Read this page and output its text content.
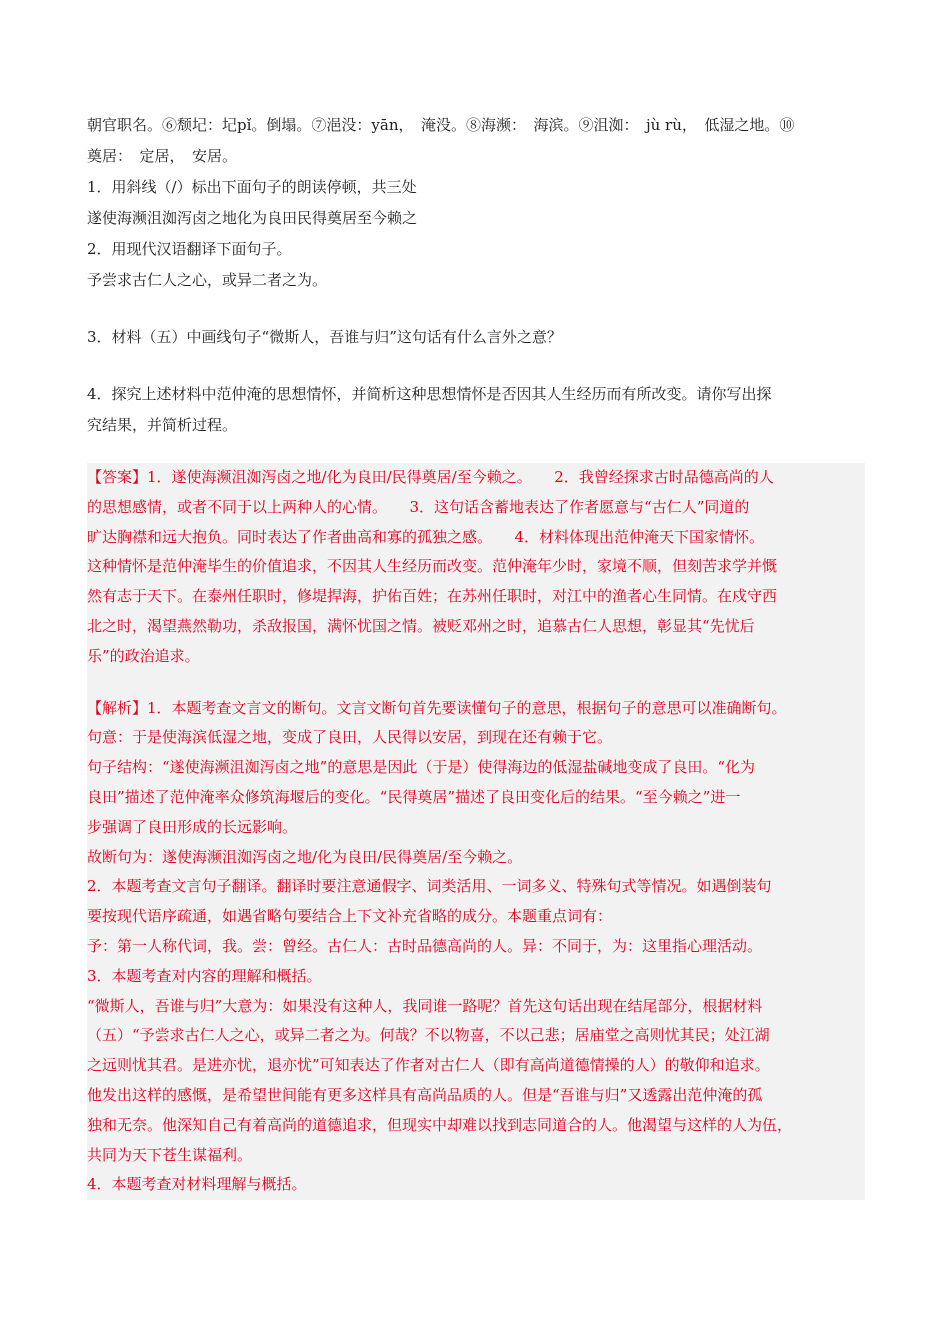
朝官职名。⑥颓圮：圮pǐ。倒塌。⑦浥没：yān，　淹没。⑧海濒：　海滨。⑨沮洳：　jù rù，　低湿之地。⑩
奠居：　定居，　安居。
1．用斜线（/）标出下面句子的朗读停顿，共三处
遂使海濒沮洳泻卤之地化为良田民得奠居至今赖之
2．用现代汉语翻译下面句子。
予尝求古仁人之心，或异二者之为。
3．材料（五）中画线句子“微斯人，吾谁与归”这句话有什么言外之意？
4．探究上述材料中范仲淹的思想情怀，并简析这种思想情怀是否因其人生经历而有所改变。请你写出探
究结果，并简析过程。
【答案】1．遂使海濒沮洳泻卤之地/化为良田/民得奠居/至今赖之。　　2．我曾经探求古时品德高尚的人
的思想感情，或者不同于以上两种人的心情。　　3．这句话含蓄地表达了作者愿意与“古仁人”同道的
旷达胸襟和远大抱负。同时表达了作者曲高和寡的孤独之感。　　4．材料体现出范仲淹天下国家情怀。
这种情怀是范仲淹毕生的价值追求，不因其人生经历而改变。范仲淹年少时，家境不顺，但刻苦求学并慨
然有志于天下。在泰州任职时，修堤捍海，护佑百姓；在苏州任职时，对江中的渔者心生同情。在戍守西
北之时，渴望燕然勒功，杀敌报国，满怀忧国之情。被贬邓州之时，追慕古仁人思想，彰显其“先忧后
乐”的政治追求。
【解析】1．本题考查文言文的断句。文言文断句首先要读懂句子的意思，根据句子的意思可以准确断句。
句意：于是使海滨低湿之地，变成了良田，人民得以安居，到现在还有赖于它。
句子结构：“遂使海濒沮洳泻卤之地”的意思是因此（于是）使得海边的低湿盐碱地变成了良田。“化为
良田”描述了范仲淹率众修筑海堰后的变化。“民得奠居”描述了良田变化后的结果。“至今赖之”进一
步强调了良田形成的长远影响。
故断句为：遂使海濒沮洳泻卤之地/化为良田/民得奠居/至今赖之。
2．本题考查文言句子翻译。翻译时要注意通假字、词类活用、一词多义、特殊句式等情况。如遇倒装句
要按现代语序疏通，如遇省略句要结合上下文补充省略的成分。本题重点词有：
予：第一人称代词，我。尝：曾经。古仁人：古时品德高尚的人。异：不同于，为：这里指心理活动。
3．本题考查对内容的理解和概括。
“微斯人，吾谁与归”大意为：如果没有这种人，我同谁一路呢？首先这句话出现在结尾部分，根据材料
（五）“予尝求古仁人之心，或异二者之为。何哉？不以物喜，不以己悲；居庙堂之高则忧其民；处江湖
之远则忧其君。是进亦忧，退亦忧”可知表达了作者对古仁人（即有高尚道德情操的人）的敬仰和追求。
他发出这样的感慨，是希望世间能有更多这样具有高尚品质的人。但是“吾谁与归”又透露出范仲淹的孤
独和无奈。他深知自己有着高尚的道德追求，但现实中却难以找到志同道合的人。他渴望与这样的人为伍，
共同为天下苍生谋福利。
4．本题考查对材料理解与概括。
